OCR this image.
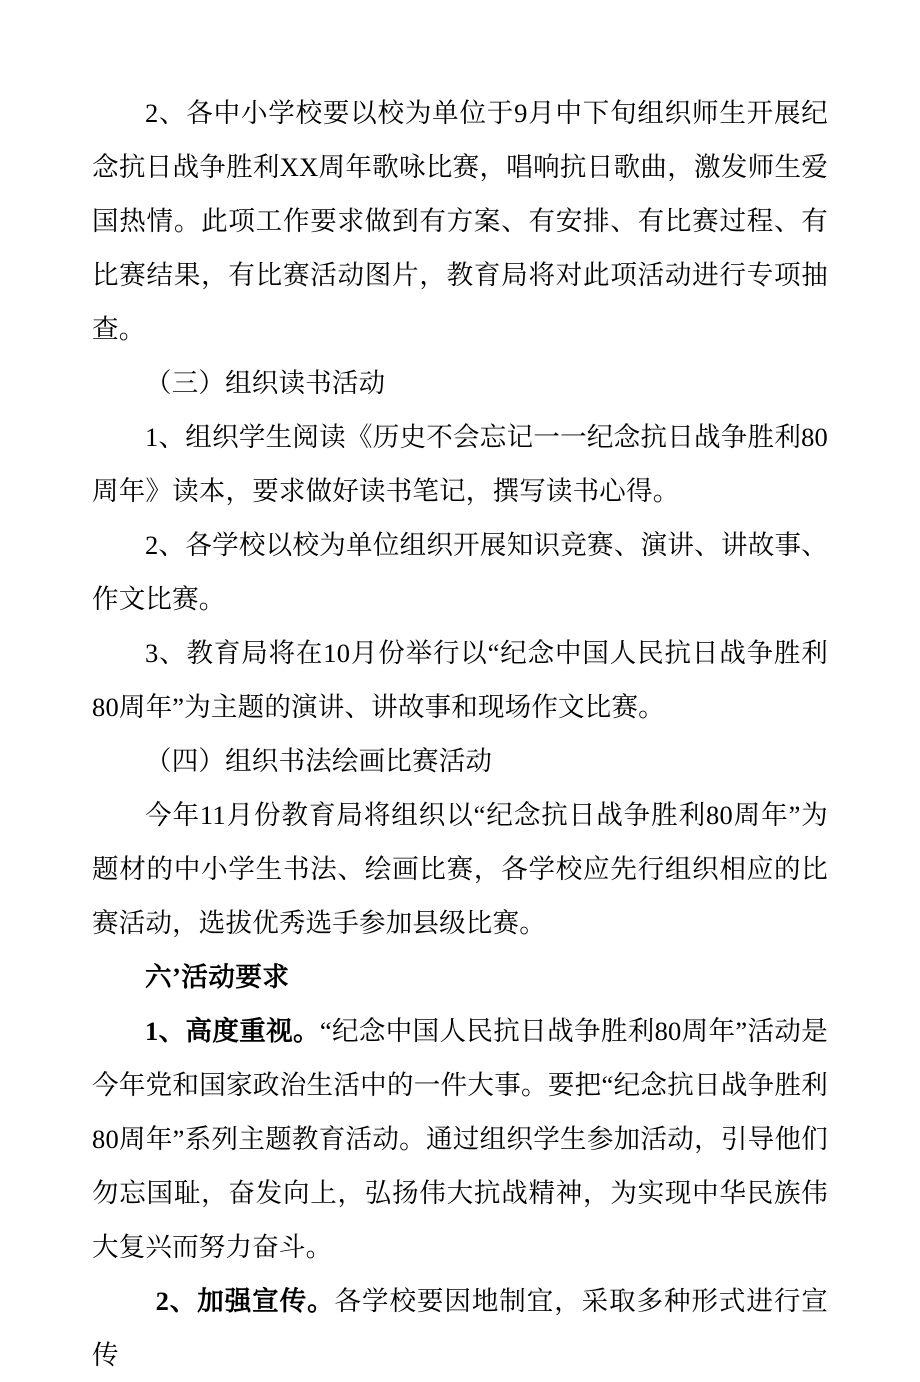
2、各中小学校要以校为单位于9月中下旬组织师生开展纪念抗日战争胜利XX周年歌咏比赛，唱响抗日歌曲，激发师生爱国热情。此项工作要求做到有方案、有安排、有比赛过程、有比赛结果，有比赛活动图片，教育局将对此项活动进行专项抽查。

（三）组织读书活动

1、组织学生阅读《历史不会忘记一一纪念抗日战争胜利80周年》读本，要求做好读书笔记，撰写读书心得。

2、各学校以校为单位组织开展知识竞赛、演讲、讲故事、作文比赛。

3、教育局将在10月份举行以“纪念中国人民抗日战争胜利80周年”为主题的演讲、讲故事和现场作文比赛。

（四）组织书法绘画比赛活动

今年11月份教育局将组织以“纪念抗日战争胜利80周年”为题材的中小学生书法、绘画比赛，各学校应先行组织相应的比赛活动，选拔优秀选手参加县级比赛。

六’活动要求

1、高度重视。“纪念中国人民抗日战争胜利80周年”活动是今年党和国家政治生活中的一件大事。要把“纪念抗日战争胜利80周年”系列主题教育活动。通过组织学生参加活动，引导他们勿忘国耻，奋发向上，弘扬伟大抗战精神，为实现中华民族伟大复兴而努力奋斗。

2、加强宣传。各学校要因地制宜，采取多种形式进行宣传
